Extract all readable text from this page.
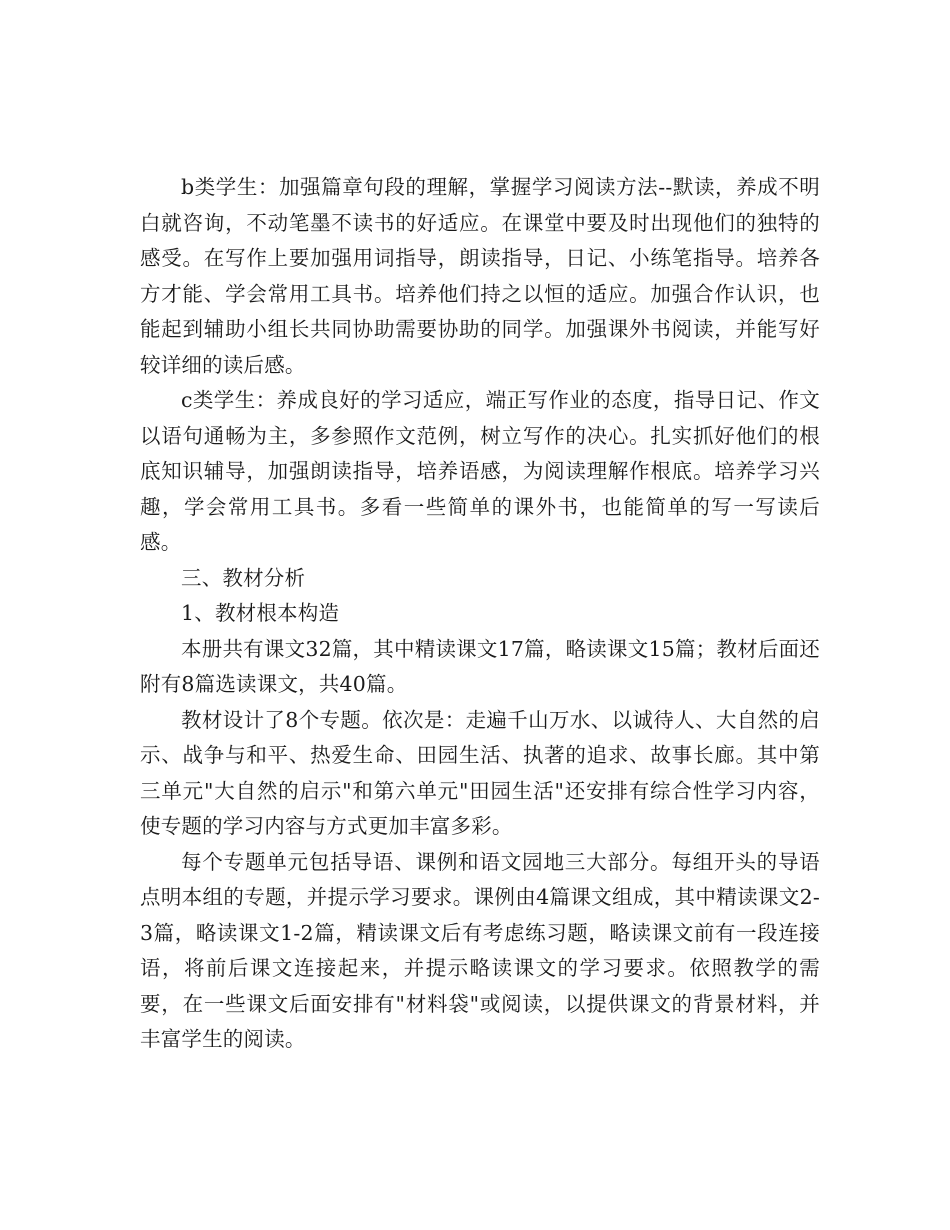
b类学生：加强篇章句段的理解，掌握学习阅读方法--默读，养成不明白就咨询，不动笔墨不读书的好适应。在课堂中要及时出现他们的独特的感受。在写作上要加强用词指导，朗读指导，日记、小练笔指导。培养各方才能、学会常用工具书。培养他们持之以恒的适应。加强合作认识，也能起到辅助小组长共同协助需要协助的同学。加强课外书阅读，并能写好较详细的读后感。

c类学生：养成良好的学习适应，端正写作业的态度，指导日记、作文以语句通畅为主，多参照作文范例，树立写作的决心。扎实抓好他们的根底知识辅导，加强朗读指导，培养语感，为阅读理解作根底。培养学习兴趣，学会常用工具书。多看一些简单的课外书，也能简单的写一写读后感。

三、教材分析

1、教材根本构造

本册共有课文32篇，其中精读课文17篇，略读课文15篇；教材后面还附有8篇选读课文，共40篇。

教材设计了8个专题。依次是：走遍千山万水、以诚待人、大自然的启示、战争与和平、热爱生命、田园生活、执著的追求、故事长廊。其中第三单元"大自然的启示"和第六单元"田园生活"还安排有综合性学习内容，使专题的学习内容与方式更加丰富多彩。

每个专题单元包括导语、课例和语文园地三大部分。每组开头的导语点明本组的专题，并提示学习要求。课例由4篇课文组成，其中精读课文2-3篇，略读课文1-2篇，精读课文后有考虑练习题，略读课文前有一段连接语，将前后课文连接起来，并提示略读课文的学习要求。依照教学的需要，在一些课文后面安排有"材料袋"或阅读，以提供课文的背景材料，并丰富学生的阅读。
